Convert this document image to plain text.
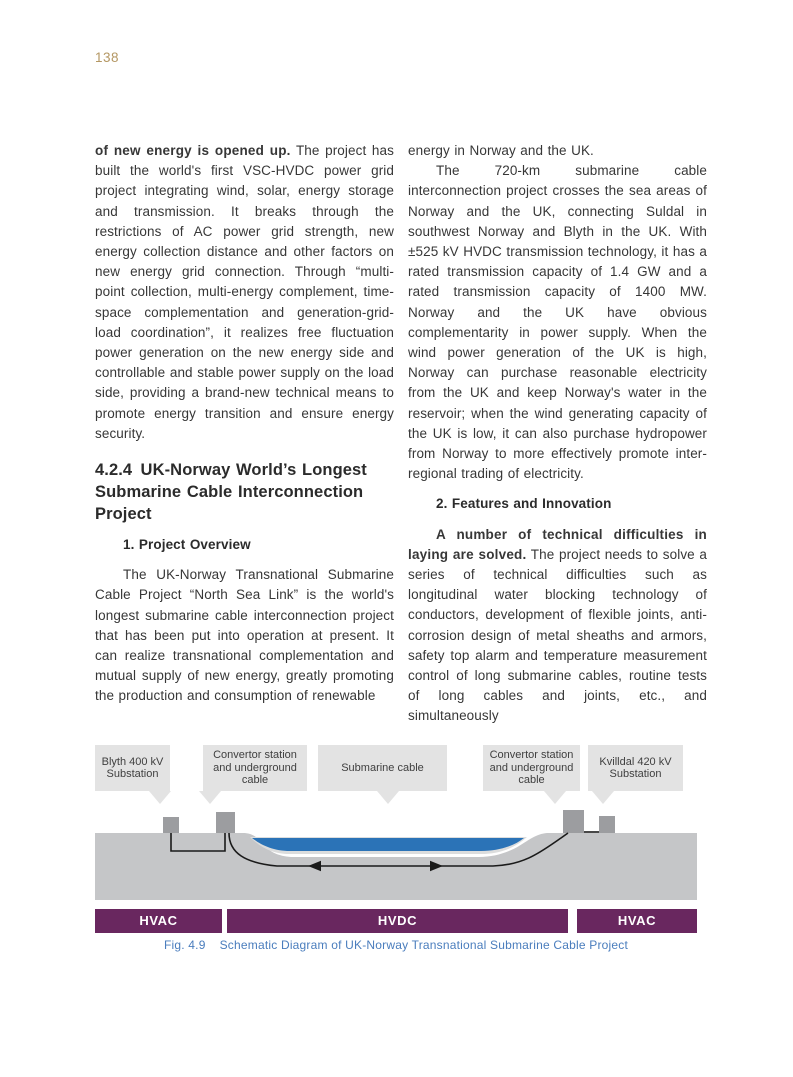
138

of new energy is opened up. The project has built the world's first VSC-HVDC power grid project integrating wind, solar, energy storage and transmission. It breaks through the restrictions of AC power grid strength, new energy collection distance and other factors on new energy grid connection. Through “multi-point collection, multi-energy complement, time-space complementation and generation-grid-load coordination”, it realizes free fluctuation power generation on the new energy side and controllable and stable power supply on the load side, providing a brand-new technical means to promote energy transition and ensure energy security.

4.2.4 UK-Norway World’s Longest Submarine Cable Interconnection Project
1. Project Overview

The UK-Norway Transnational Submarine Cable Project “North Sea Link” is the world's longest submarine cable interconnection project that has been put into operation at present. It can realize transnational complementation and mutual supply of new energy, greatly promoting the production and consumption of renewable

energy in Norway and the UK.

The 720-km submarine cable interconnection project crosses the sea areas of Norway and the UK, connecting Suldal in southwest Norway and Blyth in the UK. With ±525 kV HVDC transmission technology, it has a rated transmission capacity of 1.4 GW and a rated transmission capacity of 1400 MW. Norway and the UK have obvious complementarity in power supply. When the wind power generation of the UK is high, Norway can purchase reasonable electricity from the UK and keep Norway's water in the reservoir; when the wind generating capacity of the UK is low, it can also purchase hydropower from Norway to more effectively promote inter-regional trading of electricity.

2. Features and Innovation

A number of technical difficulties in laying are solved. The project needs to solve a series of technical difficulties such as longitudinal water blocking technology of conductors, development of flexible joints, anti-corrosion design of metal sheaths and armors, safety top alarm and temperature measurement control of long submarine cables, routine tests of long cables and joints, etc., and simultaneously

Blyth 400 kV Substation
Convertor station and underground cable
Submarine cable
Convertor station and underground cable
Kvilldal 420 kV Substation
HVAC	HVDC	HVAC
Fig. 4.9 Schematic Diagram of UK-Norway Transnational Submarine Cable Project
